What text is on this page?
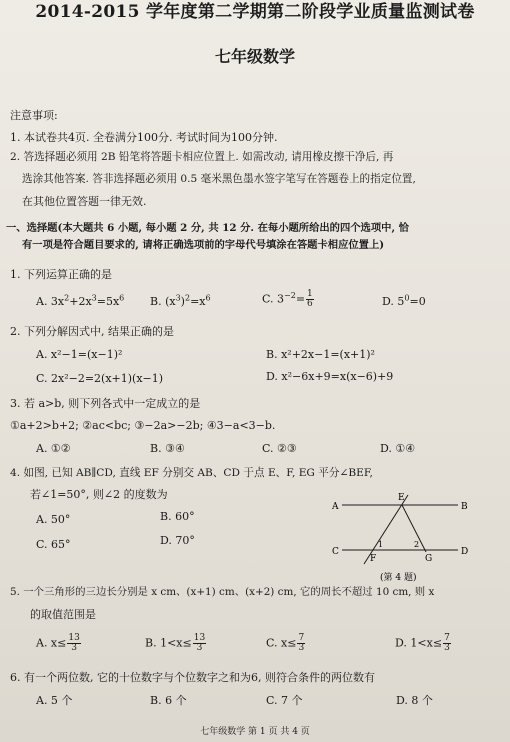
2014-2015 学年度第二学期第二阶段学业质量监测试卷
七年级数学
注意事项:
1. 本试卷共4页. 全卷满分100分. 考试时间为100分钟.
2. 答选择题必须用 2B 铅笔将答题卡相应位置上. 如需改动, 请用橡皮擦干净后, 再
选涂其他答案. 答非选择题必须用 0.5 毫米黑色墨水签字笔写在答题卷上的指定位置,
在其他位置答题一律无效.
一、选择题(本大题共 6 小题, 每小题 2 分, 共 12 分. 在每小题所给出的四个选项中, 恰
有一项是符合题目要求的, 请将正确选项前的字母代号填涂在答题卡相应位置上)
1. 下列运算正确的是
A. $3x^2+2x^3=5x^6$ B. $(x^3)^2=x^6$	C. $3^{-2}= \frac{1}{6}$	D. $5^0=0$
2. 下列分解因式中, 结果正确的是
A. x²−1=(x−1)²	B. x²+2x−1=(x+1)²
C. 2x²−2=2(x+1)(x−1)	D. x²−6x+9=x(x−6)+9
3. 若 a>b, 则下列各式中一定成立的是
①a+2>b+2; ②ac<bc; ③−2a>−2b; ④3−a<3−b.
A. ①②	B. ③④	C. ②③	D. ①④
4. 如图, 已知 AB∥CD, 直线 EF 分别交 AB、CD 于点 E、F, EG 平分∠BEF,
若∠1=50°, 则∠2 的度数为
A. 50°	B. 60°
C. 65°	D. 70°
A	B
C	D
E
F	G
1	2
(第 4 题)
5. 一个三角形的三边长分别是 x cm、(x+1) cm、(x+2) cm, 它的周长不超过 10 cm, 则 x
的取值范围是
A. $x\le \frac{13}{3}$	B. $1<x\le \frac{13}{3}$	C. $x\le \frac{7}{3}$	D. $1<x\le \frac{7}{3}$
6. 有一个两位数, 它的十位数字与个位数字之和为6, 则符合条件的两位数有
A. 5 个	B. 6 个	C. 7 个	D. 8 个
七年级数学 第 1 页 共 4 页
